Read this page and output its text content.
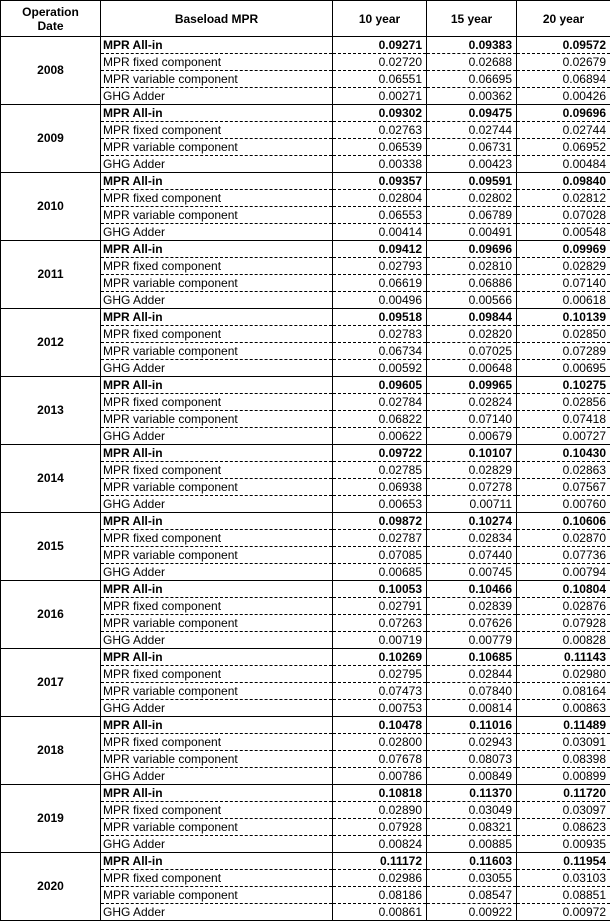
Operation
Date	Baseload MPR	10 year	15 year	20 year
2008	MPR All-in	0.09271	0.09383	0.09572
	MPR fixed component	0.02720	0.02688	0.02679
	MPR variable component	0.06551	0.06695	0.06894
	GHG Adder	0.00271	0.00362	0.00426
2009	MPR All-in	0.09302	0.09475	0.09696
	MPR fixed component	0.02763	0.02744	0.02744
	MPR variable component	0.06539	0.06731	0.06952
	GHG Adder	0.00338	0.00423	0.00484
2010	MPR All-in	0.09357	0.09591	0.09840
	MPR fixed component	0.02804	0.02802	0.02812
	MPR variable component	0.06553	0.06789	0.07028
	GHG Adder	0.00414	0.00491	0.00548
2011	MPR All-in	0.09412	0.09696	0.09969
	MPR fixed component	0.02793	0.02810	0.02829
	MPR variable component	0.06619	0.06886	0.07140
	GHG Adder	0.00496	0.00566	0.00618
2012	MPR All-in	0.09518	0.09844	0.10139
	MPR fixed component	0.02783	0.02820	0.02850
	MPR variable component	0.06734	0.07025	0.07289
	GHG Adder	0.00592	0.00648	0.00695
2013	MPR All-in	0.09605	0.09965	0.10275
	MPR fixed component	0.02784	0.02824	0.02856
	MPR variable component	0.06822	0.07140	0.07418
	GHG Adder	0.00622	0.00679	0.00727
2014	MPR All-in	0.09722	0.10107	0.10430
	MPR fixed component	0.02785	0.02829	0.02863
	MPR variable component	0.06938	0.07278	0.07567
	GHG Adder	0.00653	0.00711	0.00760
2015	MPR All-in	0.09872	0.10274	0.10606
	MPR fixed component	0.02787	0.02834	0.02870
	MPR variable component	0.07085	0.07440	0.07736
	GHG Adder	0.00685	0.00745	0.00794
2016	MPR All-in	0.10053	0.10466	0.10804
	MPR fixed component	0.02791	0.02839	0.02876
	MPR variable component	0.07263	0.07626	0.07928
	GHG Adder	0.00719	0.00779	0.00828
2017	MPR All-in	0.10269	0.10685	0.11143
	MPR fixed component	0.02795	0.02844	0.02980
	MPR variable component	0.07473	0.07840	0.08164
	GHG Adder	0.00753	0.00814	0.00863
2018	MPR All-in	0.10478	0.11016	0.11489
	MPR fixed component	0.02800	0.02943	0.03091
	MPR variable component	0.07678	0.08073	0.08398
	GHG Adder	0.00786	0.00849	0.00899
2019	MPR All-in	0.10818	0.11370	0.11720
	MPR fixed component	0.02890	0.03049	0.03097
	MPR variable component	0.07928	0.08321	0.08623
	GHG Adder	0.00824	0.00885	0.00935
2020	MPR All-in	0.11172	0.11603	0.11954
	MPR fixed component	0.02986	0.03055	0.03103
	MPR variable component	0.08186	0.08547	0.08851
	GHG Adder	0.00861	0.00922	0.00972
